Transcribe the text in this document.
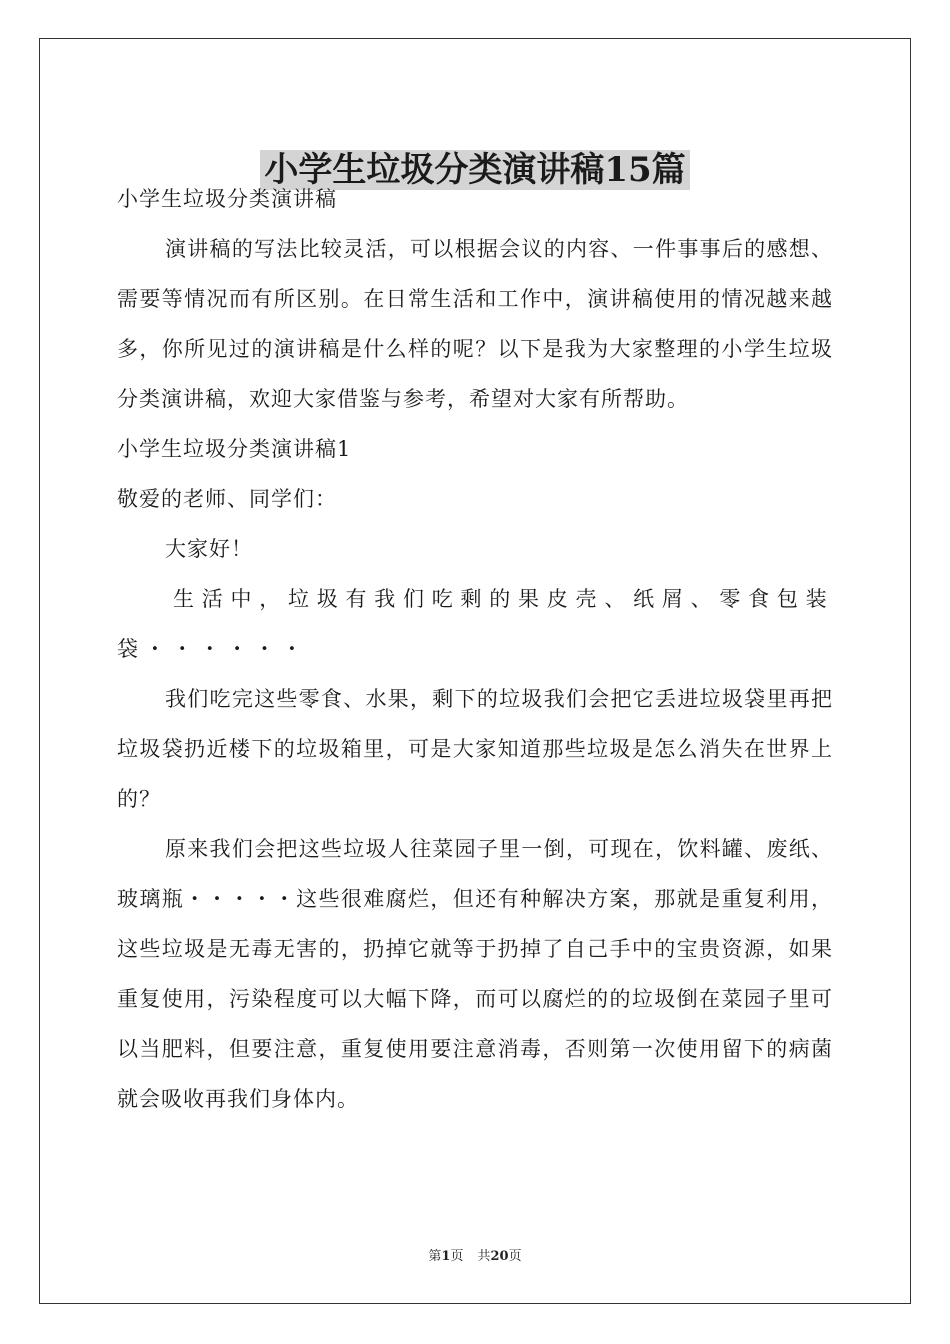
小学生垃圾分类演讲稿15篇

小学生垃圾分类演讲稿

演讲稿的写法比较灵活，可以根据会议的内容、一件事事后的感想、需要等情况而有所区别。在日常生活和工作中，演讲稿使用的情况越来越多，你所见过的演讲稿是什么样的呢？以下是我为大家整理的小学生垃圾分类演讲稿，欢迎大家借鉴与参考，希望对大家有所帮助。

小学生垃圾分类演讲稿1

敬爱的老师、同学们：

大家好！

生活中，垃圾有我们吃剩的果皮壳、纸屑、零食包装袋・・・・・・

我们吃完这些零食、水果，剩下的垃圾我们会把它丢进垃圾袋里再把垃圾袋扔近楼下的垃圾箱里，可是大家知道那些垃圾是怎么消失在世界上的？

原来我们会把这些垃圾人往菜园子里一倒，可现在，饮料罐、废纸、玻璃瓶・・・・・这些很难腐烂，但还有种解决方案，那就是重复利用，这些垃圾是无毒无害的，扔掉它就等于扔掉了自己手中的宝贵资源，如果重复使用，污染程度可以大幅下降，而可以腐烂的的垃圾倒在菜园子里可以当肥料，但要注意，重复使用要注意消毒，否则第一次使用留下的病菌就会吸收再我们身体内。

第1页 共20页
